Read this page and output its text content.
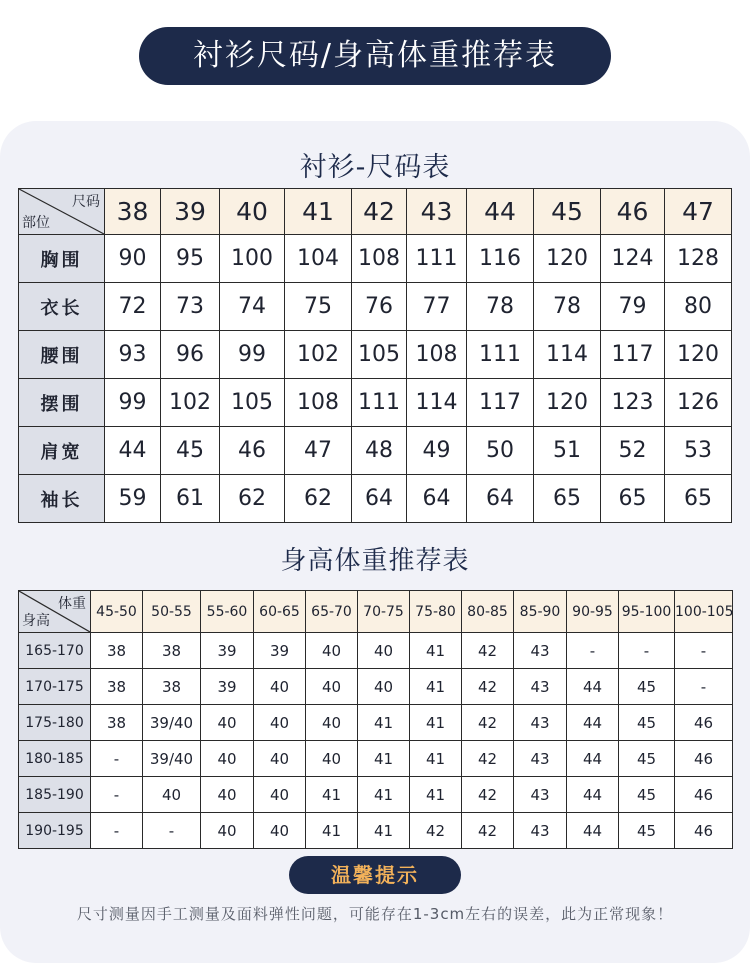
衬衫尺码/身高体重推荐表
衬衫-尺码表
尺码
部位	38	39	40	41	42	43	44	45	46	47
胸围	90	95	100	104	108	111	116	120	124	128
衣长	72	73	74	75	76	77	78	78	79	80
腰围	93	96	99	102	105	108	111	114	117	120
摆围	99	102	105	108	111	114	117	120	123	126
肩宽	44	45	46	47	48	49	50	51	52	53
袖长	59	61	62	62	64	64	64	65	65	65
身高体重推荐表
体重
身高	45-50	50-55	55-60	60-65	65-70	70-75	75-80	80-85	85-90	90-95	95-100	100-105
165-170	38	38	39	39	40	40	41	42	43	-	-	-
170-175	38	38	39	40	40	40	41	42	43	44	45	-
175-180	38	39/40	40	40	40	41	41	42	43	44	45	46
180-185	-	39/40	40	40	40	41	41	42	43	44	45	46
185-190	-	40	40	40	41	41	41	42	43	44	45	46
190-195	-	-	40	40	41	41	42	42	43	44	45	46
温馨提示
尺寸测量因手工测量及面料弹性问题，可能存在1-3cm左右的误差，此为正常现象！
